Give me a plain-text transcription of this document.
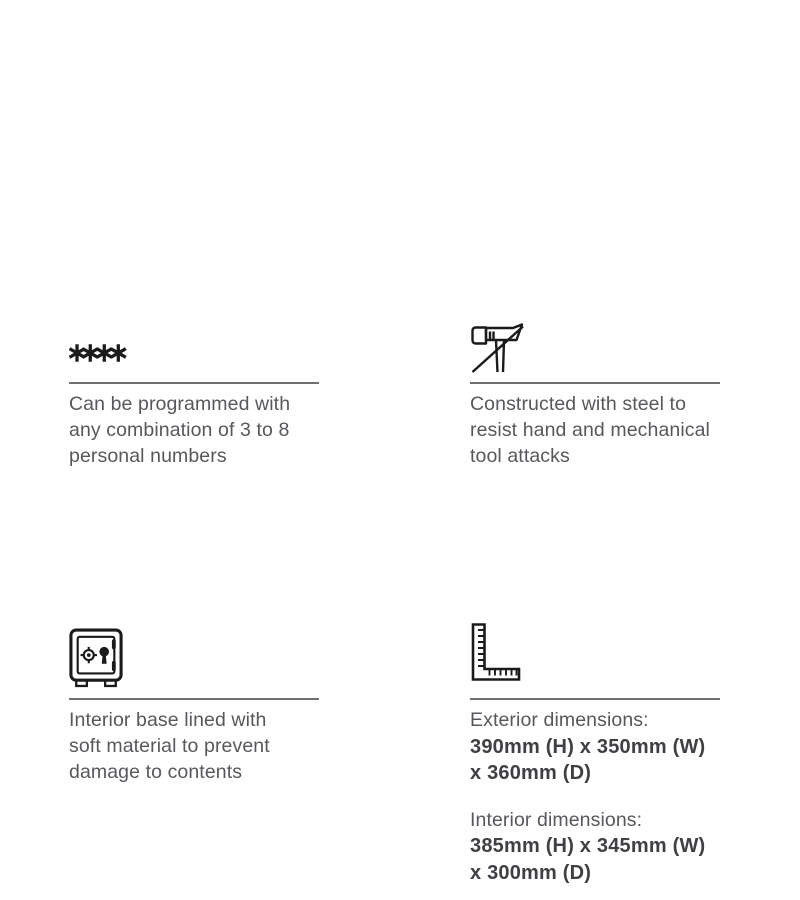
Can be programmed with
any combination of 3 to 8
personal numbers

Constructed with steel to
resist hand and mechanical
tool attacks

Interior base lined with
soft material to prevent
damage to contents

Exterior dimensions:
390mm (H) x 350mm (W)
x 360mm (D)

Interior dimensions:
385mm (H) x 345mm (W)
x 300mm (D)
